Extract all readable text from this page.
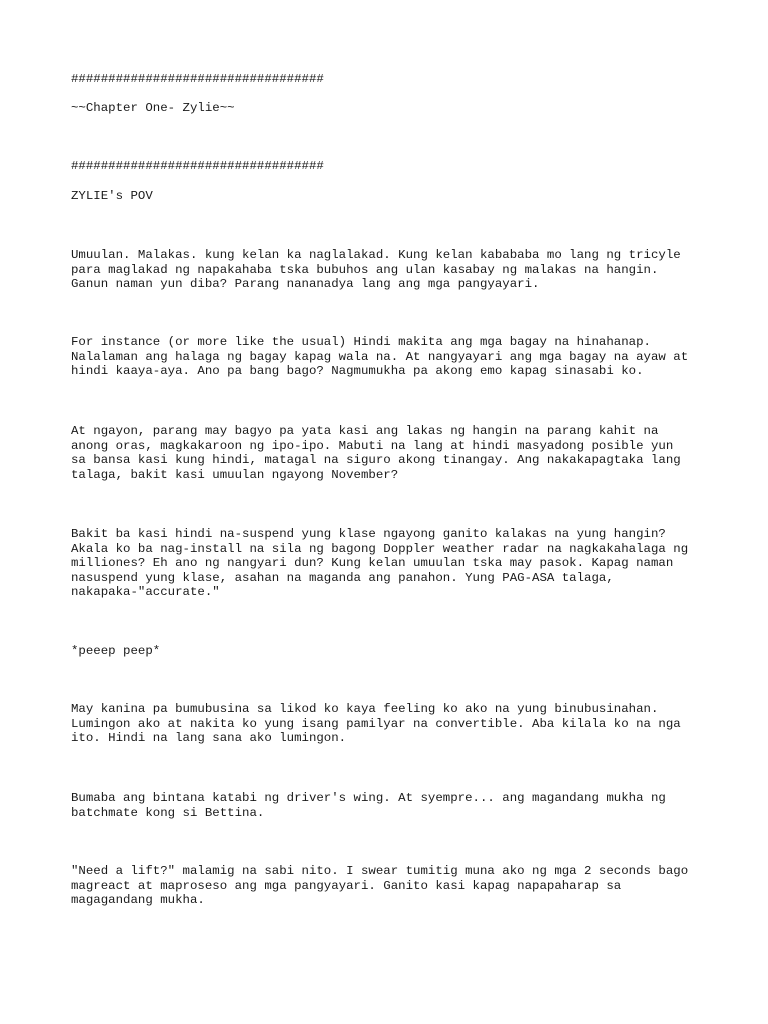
##################################
~~Chapter One- Zylie~~
##################################
ZYLIE's POV
Umuulan. Malakas. kung kelan ka naglalakad. Kung kelan kabababa mo lang ng tricyle
para maglakad ng napakahaba tska bubuhos ang ulan kasabay ng malakas na hangin.
Ganun naman yun diba? Parang nananadya lang ang mga pangyayari.
For instance (or more like the usual) Hindi makita ang mga bagay na hinahanap.
Nalalaman ang halaga ng bagay kapag wala na. At nangyayari ang mga bagay na ayaw at
hindi kaaya-aya. Ano pa bang bago? Nagmumukha pa akong emo kapag sinasabi ko.
At ngayon, parang may bagyo pa yata kasi ang lakas ng hangin na parang kahit na
anong oras, magkakaroon ng ipo-ipo. Mabuti na lang at hindi masyadong posible yun
sa bansa kasi kung hindi, matagal na siguro akong tinangay. Ang nakakapagtaka lang
talaga, bakit kasi umuulan ngayong November?
Bakit ba kasi hindi na-suspend yung klase ngayong ganito kalakas na yung hangin?
Akala ko ba nag-install na sila ng bagong Doppler weather radar na nagkakahalaga ng
milliones? Eh ano ng nangyari dun? Kung kelan umuulan tska may pasok. Kapag naman
nasuspend yung klase, asahan na maganda ang panahon. Yung PAG-ASA talaga,
nakapaka-"accurate."
*peeep peep*
May kanina pa bumubusina sa likod ko kaya feeling ko ako na yung binubusinahan.
Lumingon ako at nakita ko yung isang pamilyar na convertible. Aba kilala ko na nga
ito. Hindi na lang sana ako lumingon.
Bumaba ang bintana katabi ng driver's wing. At syempre... ang magandang mukha ng
batchmate kong si Bettina.
"Need a lift?" malamig na sabi nito. I swear tumitig muna ako ng mga 2 seconds bago
magreact at maproseso ang mga pangyayari. Ganito kasi kapag napapaharap sa
magagandang mukha.
